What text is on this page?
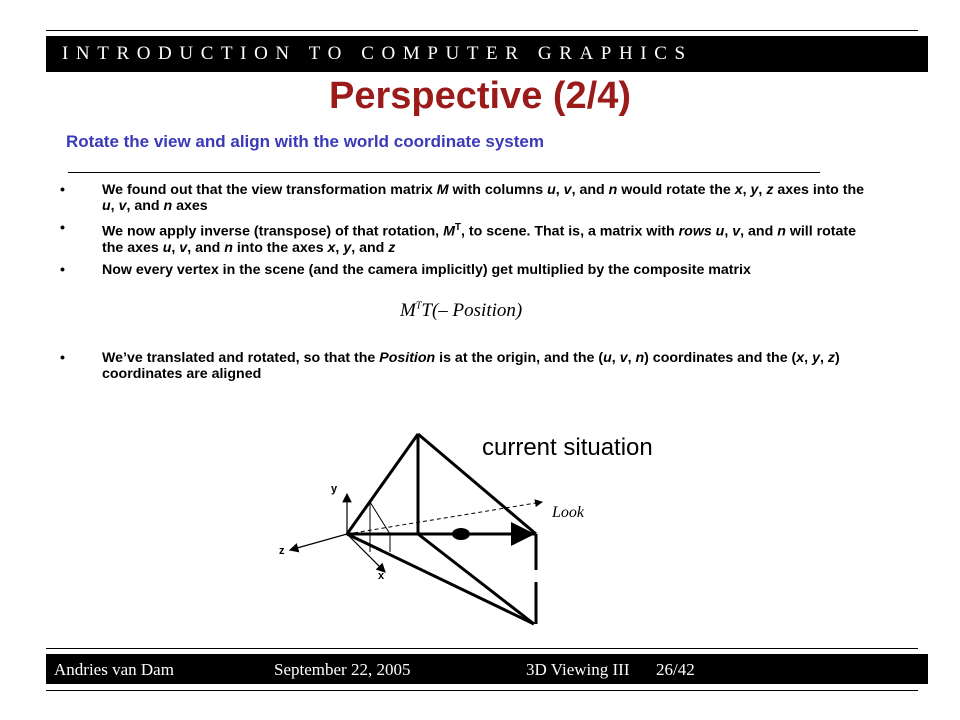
INTRODUCTION TO COMPUTER GRAPHICS
Perspective (2/4)
Rotate the view and align with the world coordinate system
•	We found out that the view transformation matrix M with columns u, v, and n would rotate the x, y, z axes into the u, v, and n axes
•	We now apply inverse (transpose) of that rotation, $M^T$, to scene. That is, a matrix with rows u, v, and n will rotate the axes u, v, and n into the axes x, y, and z
•	Now every vertex in the scene (and the camera implicitly) get multiplied by the composite matrix
$M^TT(-$ Position)
•	We’ve translated and rotated, so that the Position is at the origin, and the (u, v, n) coordinates and the (x, y, z) coordinates are aligned
y
z
x
Look
current situation
Andries van Dam	September 22, 2005	3D Viewing III 26/42
